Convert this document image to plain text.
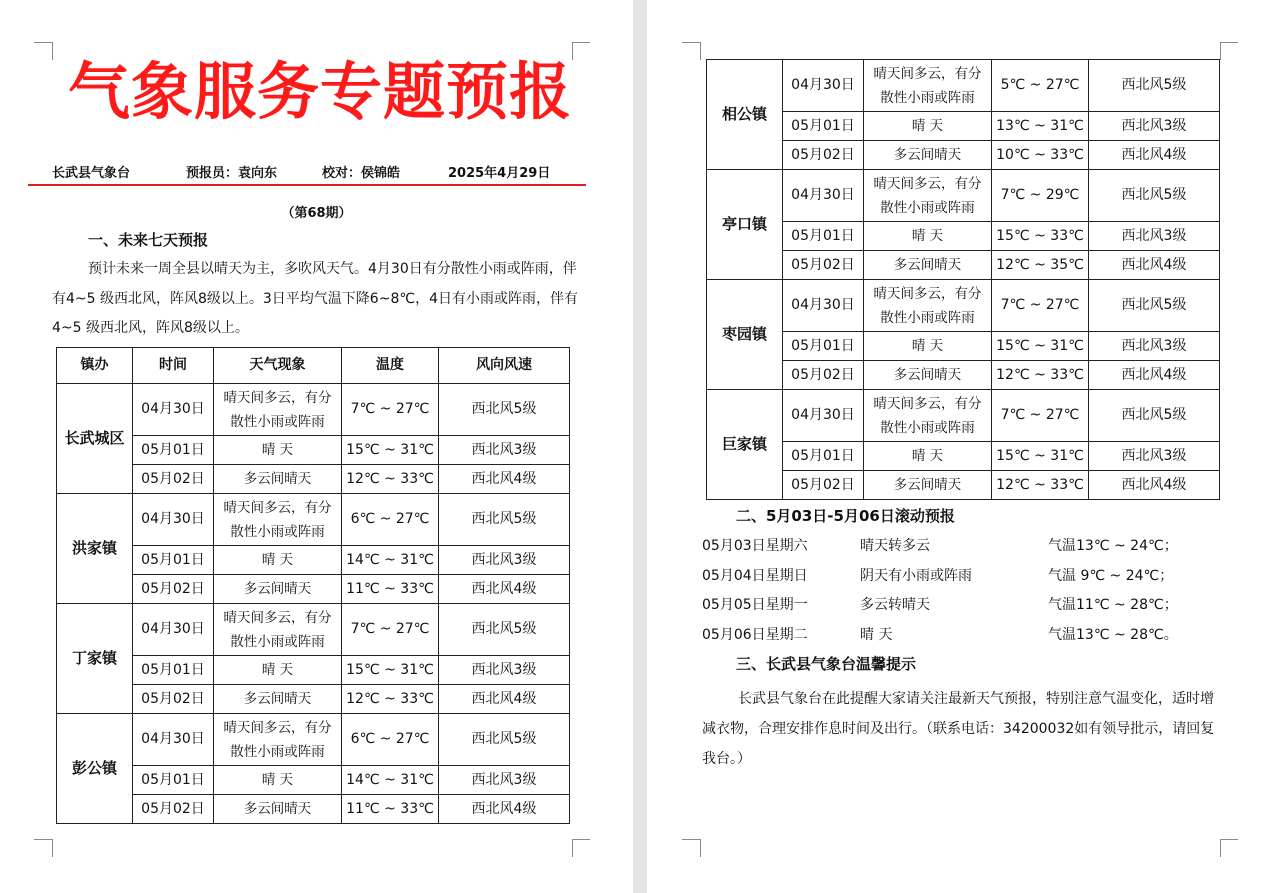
气象服务专题预报
长武县气象台	预报员：袁向东	校对：侯锦皓	2025年4月29日
（第68期）
一、未来七天预报
预计未来一周全县以晴天为主，多吹风天气。4月30日有分散性小雨或阵雨，伴有4~5 级西北风，阵风8级以上。3日平均气温下降6~8℃，4日有小雨或阵雨，伴有4~5 级西北风，阵风8级以上。
镇办	时间	天气现象	温度	风向风速
长武城区	04月30日	晴天间多云，有分散性小雨或阵雨	7℃ ~ 27℃	西北风5级
	05月01日	晴 天	15℃ ~ 31℃	西北风3级
	05月02日	多云间晴天	12℃ ~ 33℃	西北风4级
洪家镇	04月30日	晴天间多云，有分散性小雨或阵雨	6℃ ~ 27℃	西北风5级
	05月01日	晴 天	14℃ ~ 31℃	西北风3级
	05月02日	多云间晴天	11℃ ~ 33℃	西北风4级
丁家镇	04月30日	晴天间多云，有分散性小雨或阵雨	7℃ ~ 27℃	西北风5级
	05月01日	晴 天	15℃ ~ 31℃	西北风3级
	05月02日	多云间晴天	12℃ ~ 33℃	西北风4级
彭公镇	04月30日	晴天间多云，有分散性小雨或阵雨	6℃ ~ 27℃	西北风5级
	05月01日	晴 天	14℃ ~ 31℃	西北风3级
	05月02日	多云间晴天	11℃ ~ 33℃	西北风4级
相公镇	04月30日	晴天间多云，有分散性小雨或阵雨	5℃ ~ 27℃	西北风5级
	05月01日	晴 天	13℃ ~ 31℃	西北风3级
	05月02日	多云间晴天	10℃ ~ 33℃	西北风4级
亭口镇	04月30日	晴天间多云，有分散性小雨或阵雨	7℃ ~ 29℃	西北风5级
	05月01日	晴 天	15℃ ~ 33℃	西北风3级
	05月02日	多云间晴天	12℃ ~ 35℃	西北风4级
枣园镇	04月30日	晴天间多云，有分散性小雨或阵雨	7℃ ~ 27℃	西北风5级
	05月01日	晴 天	15℃ ~ 31℃	西北风3级
	05月02日	多云间晴天	12℃ ~ 33℃	西北风4级
巨家镇	04月30日	晴天间多云，有分散性小雨或阵雨	7℃ ~ 27℃	西北风5级
	05月01日	晴 天	15℃ ~ 31℃	西北风3级
	05月02日	多云间晴天	12℃ ~ 33℃	西北风4级
二、5月03日-5月06日滚动预报
05月03日星期六	晴天转多云	气温13℃ ~ 24℃；
05月04日星期日	阴天有小雨或阵雨	气温 9℃ ~ 24℃；
05月05日星期一	多云转晴天	气温11℃ ~ 28℃；
05月06日星期二	晴 天	气温13℃ ~ 28℃。
三、长武县气象台温馨提示
长武县气象台在此提醒大家请关注最新天气预报，特别注意气温变化，适时增减衣物，合理安排作息时间及出行。（联系电话：34200032如有领导批示，请回复我台。）
